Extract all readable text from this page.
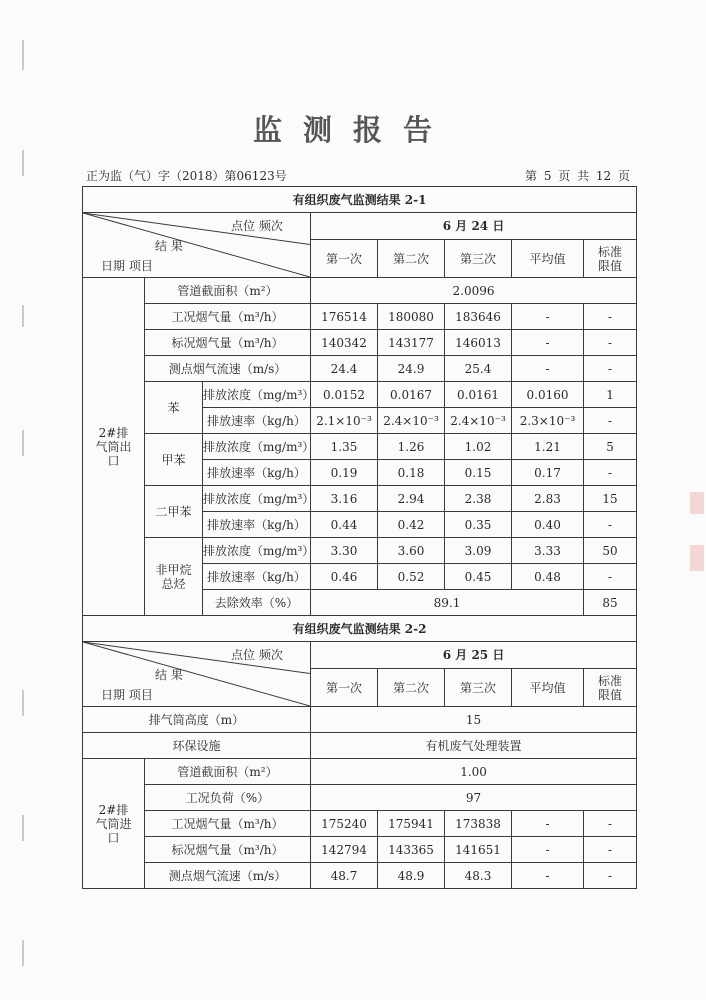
监测报告
正为监（气）字（2018）第06123号	第 5 页 共 12 页
有组织废气监测结果 2-1							

点位 频次
结 果
日期 项目			6 月 24 日				
			第一次	第二次	第三次	平均值	标准限值
2#排气筒出口	管道截面积（m²）		2.0096				
	工况烟气量（m³/h）		176514	180080	183646	-	-
	标况烟气量（m³/h）		140342	143177	146013	-	-
	测点烟气流速（m/s）		24.4	24.9	25.4	-	-
	苯	排放浓度（mg/m³）	0.0152	0.0167	0.0161	0.0160	1
		排放速率（kg/h）	2.1×10⁻³	2.4×10⁻³	2.4×10⁻³	2.3×10⁻³	-
	甲苯	排放浓度（mg/m³）	1.35	1.26	1.02	1.21	5
		排放速率（kg/h）	0.19	0.18	0.15	0.17	-
	二甲苯	排放浓度（mg/m³）	3.16	2.94	2.38	2.83	15
		排放速率（kg/h）	0.44	0.42	0.35	0.40	-
	非甲烷总烃	排放浓度（mg/m³）	3.30	3.60	3.09	3.33	50
		排放速率（kg/h）	0.46	0.52	0.45	0.48	-
		去除效率（%）	89.1				85
有组织废气监测结果 2-2							

点位 频次
结 果
日期 项目			6 月 25 日				
			第一次	第二次	第三次	平均值	标准限值
排气筒高度（m）			15				
环保设施			有机废气处理装置				
2#排气筒进口	管道截面积（m²）		1.00				
	工况负荷（%）		97				
	工况烟气量（m³/h）		175240	175941	173838	-	-
	标况烟气量（m³/h）		142794	143365	141651	-	-
	测点烟气流速（m/s）		48.7	48.9	48.3	-	-
